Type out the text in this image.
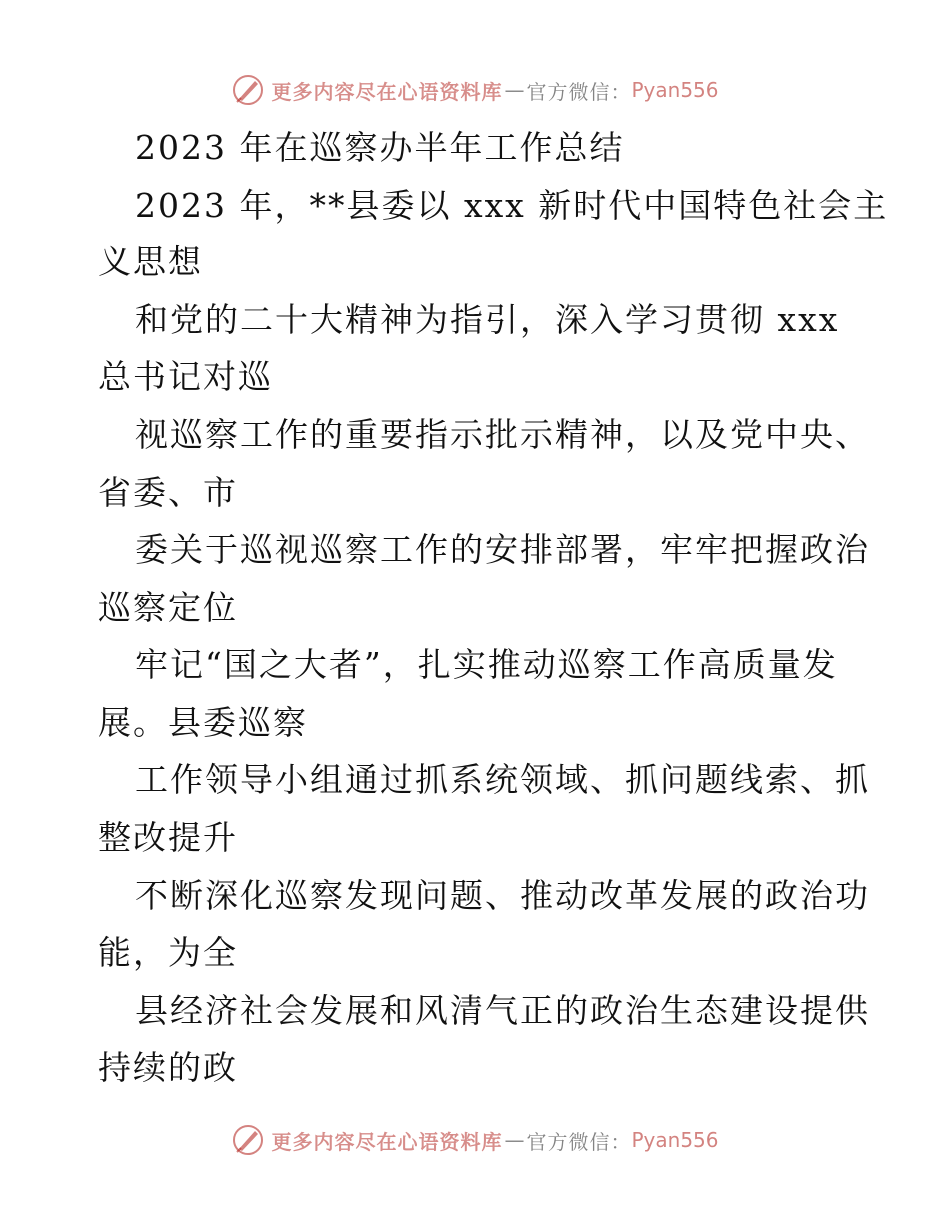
更多内容尽在心语资料库 — 官方微信： Pyan556
2023 年在巡察办半年工作总结
2023 年，**县委以 xxx 新时代中国特色社会主
义思想
和党的二十大精神为指引，深入学习贯彻 xxx
总书记对巡
视巡察工作的重要指示批示精神，以及党中央、
省委、市
委关于巡视巡察工作的安排部署，牢牢把握政治
巡察定位
牢记“国之大者”，扎实推动巡察工作高质量发
展。县委巡察
工作领导小组通过抓系统领域、抓问题线索、抓
整改提升
不断深化巡察发现问题、推动改革发展的政治功
能，为全
县经济社会发展和风清气正的政治生态建设提供
持续的政
更多内容尽在心语资料库 — 官方微信： Pyan556
